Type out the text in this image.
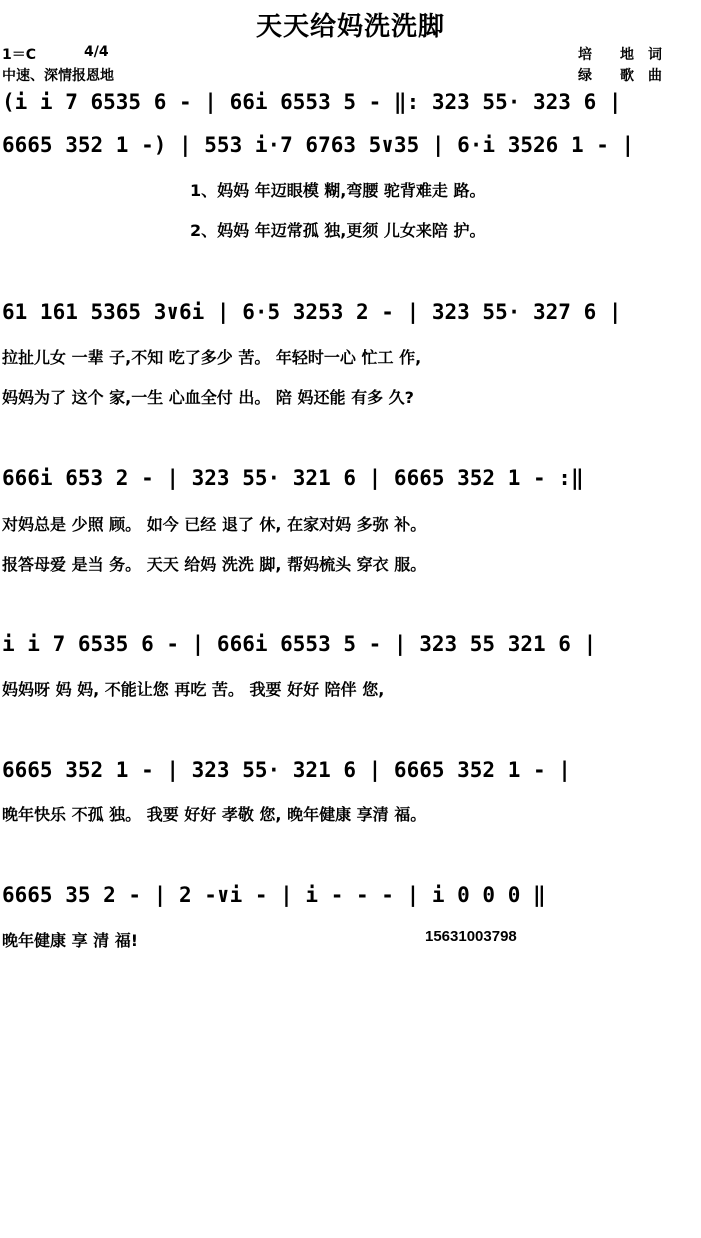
天天给妈洗洗脚
1＝C	4/4
中速、深情报恩地
培　　地　词
绿　　歌　曲
(i i 7 6535 6 - | 66i 6553 5 - ‖: 323 55· 323 6 |
6665 352 1 -) | 553 i·7 6763 5∨35 | 6·i 3526 1 - |
1、妈妈 年迈眼模 糊,弯腰 驼背难走 路。
2、妈妈 年迈常孤 独,更须 儿女来陪 护。
61 161 5365 3∨6i | 6·5 3253 2 - | 323 55· 327 6 |
拉扯儿女 一辈 子,不知 吃了多少 苦。 年轻时一心 忙工 作,
妈妈为了 这个 家,一生 心血全付 出。 陪 妈还能 有多 久?
666i 653 2 - | 323 55· 321 6 | 6665 352 1 - :‖
对妈总是 少照 顾。 如今 已经 退了 休, 在家对妈 多弥 补。
报答母爱 是当 务。 天天 给妈 洗洗 脚, 帮妈梳头 穿衣 服。
i i 7 6535 6 - | 666i 6553 5 - | 323 55 321 6 |
妈妈呀 妈 妈, 不能让您 再吃 苦。 我要 好好 陪伴 您,
6665 352 1 - | 323 55· 321 6 | 6665 352 1 - |
晚年快乐 不孤 独。 我要 好好 孝敬 您, 晚年健康 享清 福。
6665 35 2 - | 2 -∨i - | i - - - | i 0 0 0 ‖
晚年健康 享 清 福!	15631003798
